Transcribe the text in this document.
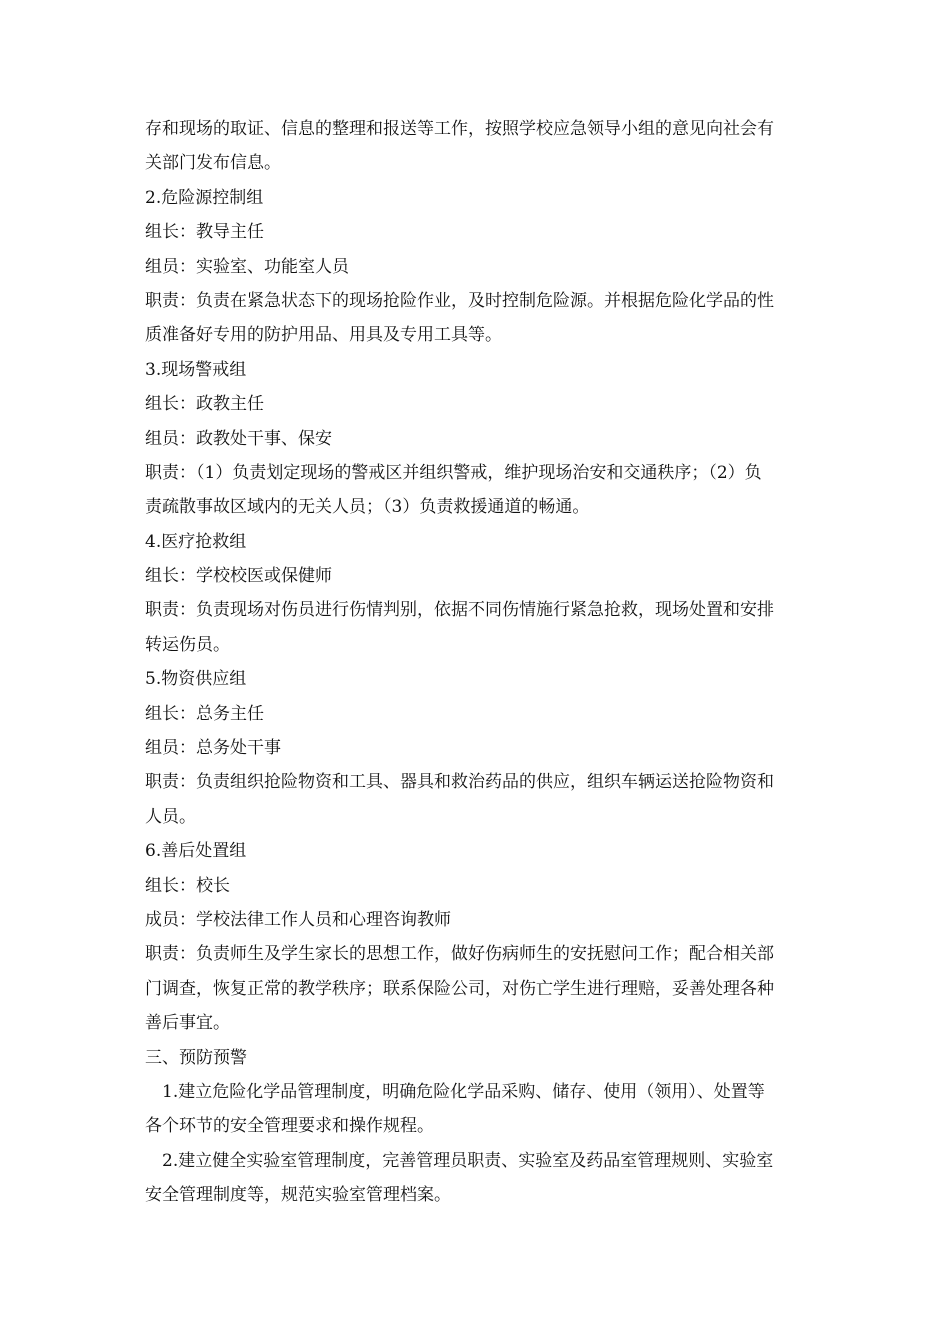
存和现场的取证、信息的整理和报送等工作，按照学校应急领导小组的意见向社会有
关部门发布信息。
2.危险源控制组
组长：教导主任
组员：实验室、功能室人员
职责：负责在紧急状态下的现场抢险作业，及时控制危险源。并根据危险化学品的性
质准备好专用的防护用品、用具及专用工具等。
3.现场警戒组
组长：政教主任
组员：政教处干事、保安
职责：（1）负责划定现场的警戒区并组织警戒，维护现场治安和交通秩序；（2）负
责疏散事故区域内的无关人员；（3）负责救援通道的畅通。
4.医疗抢救组
组长：学校校医或保健师
职责：负责现场对伤员进行伤情判别，依据不同伤情施行紧急抢救，现场处置和安排
转运伤员。
5.物资供应组
组长：总务主任
组员：总务处干事
职责：负责组织抢险物资和工具、器具和救治药品的供应，组织车辆运送抢险物资和
人员。
6.善后处置组
组长：校长
成员：学校法律工作人员和心理咨询教师
职责：负责师生及学生家长的思想工作，做好伤病师生的安抚慰问工作；配合相关部
门调查，恢复正常的教学秩序；联系保险公司，对伤亡学生进行理赔，妥善处理各种
善后事宜。
三、预防预警
1.建立危险化学品管理制度，明确危险化学品采购、储存、使用（领用）、处置等
各个环节的安全管理要求和操作规程。
2.建立健全实验室管理制度，完善管理员职责、实验室及药品室管理规则、实验室
安全管理制度等，规范实验室管理档案。
